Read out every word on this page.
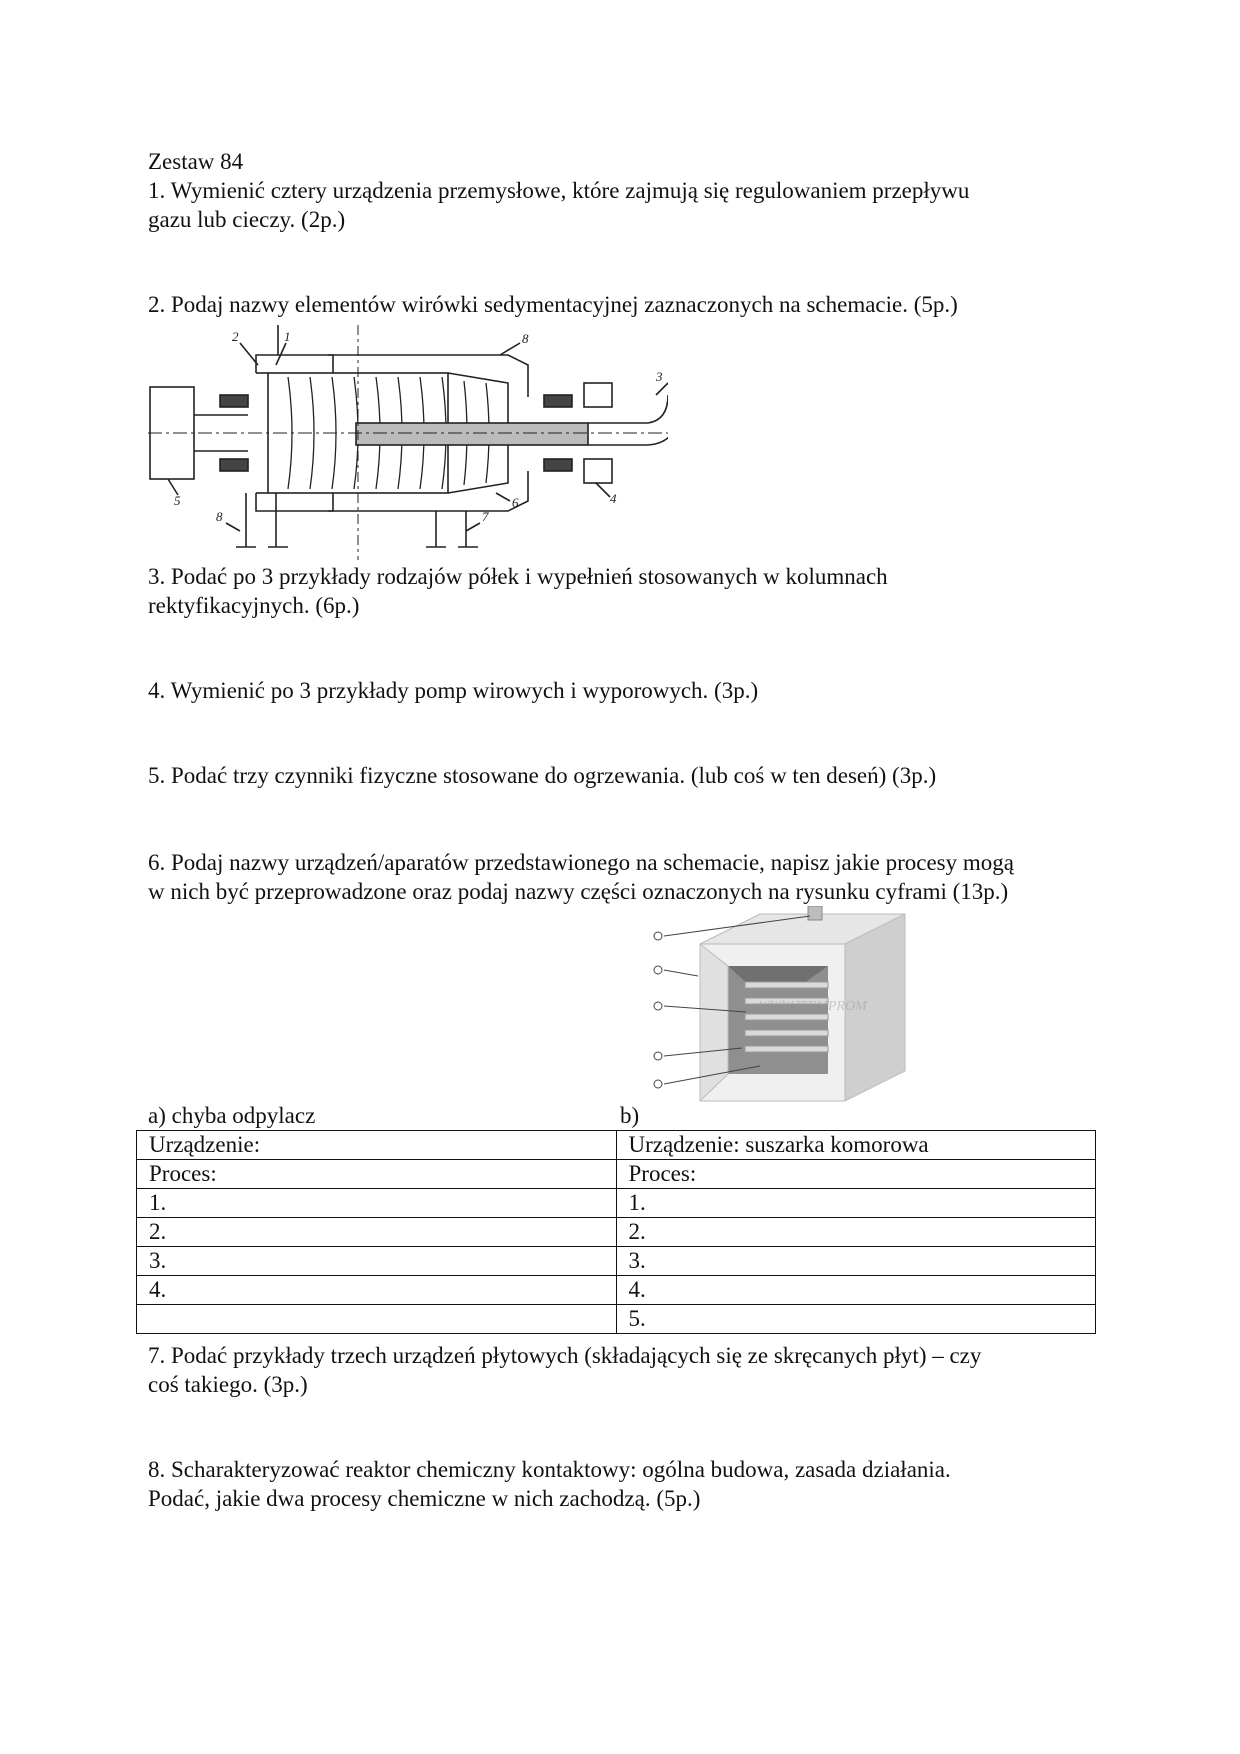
Zestaw 84
1. Wymienić cztery urządzenia przemysłowe, które zajmują się regulowaniem przepływu
gazu lub cieczy. (2p.)
2. Podaj nazwy elementów wirówki sedymentacyjnej zaznaczonych na schemacie. (5p.)
2	1	8
3
4
5	6
7
8
3. Podać po 3 przykłady rodzajów półek i wypełnień stosowanych w kolumnach
rektyfikacyjnych. (6p.)
4. Wymienić po 3 przykłady pomp wirowych i wyporowych. (3p.)
5. Podać trzy czynniki fizyczne stosowane do ogrzewania. (lub coś w ten deseń) (3p.)
6. Podaj nazwy urządzeń/aparatów przedstawionego na schemacie, napisz jakie procesy mogą
w nich być przeprowadzone oraz podaj nazwy części oznaczonych na rysunku cyframi (13p.)
WWW.ITEMPROM
a) chyba odpylacz	b)
Urządzenie:	Urządzenie: suszarka komorowa
Proces:	Proces:
1.	1.
2.	2.
3.	3.
4.	4.
	5.
7. Podać przykłady trzech urządzeń płytowych (składających się ze skręcanych płyt) – czy
coś takiego. (3p.)
8. Scharakteryzować reaktor chemiczny kontaktowy: ogólna budowa, zasada działania.
Podać, jakie dwa procesy chemiczne w nich zachodzą. (5p.)
